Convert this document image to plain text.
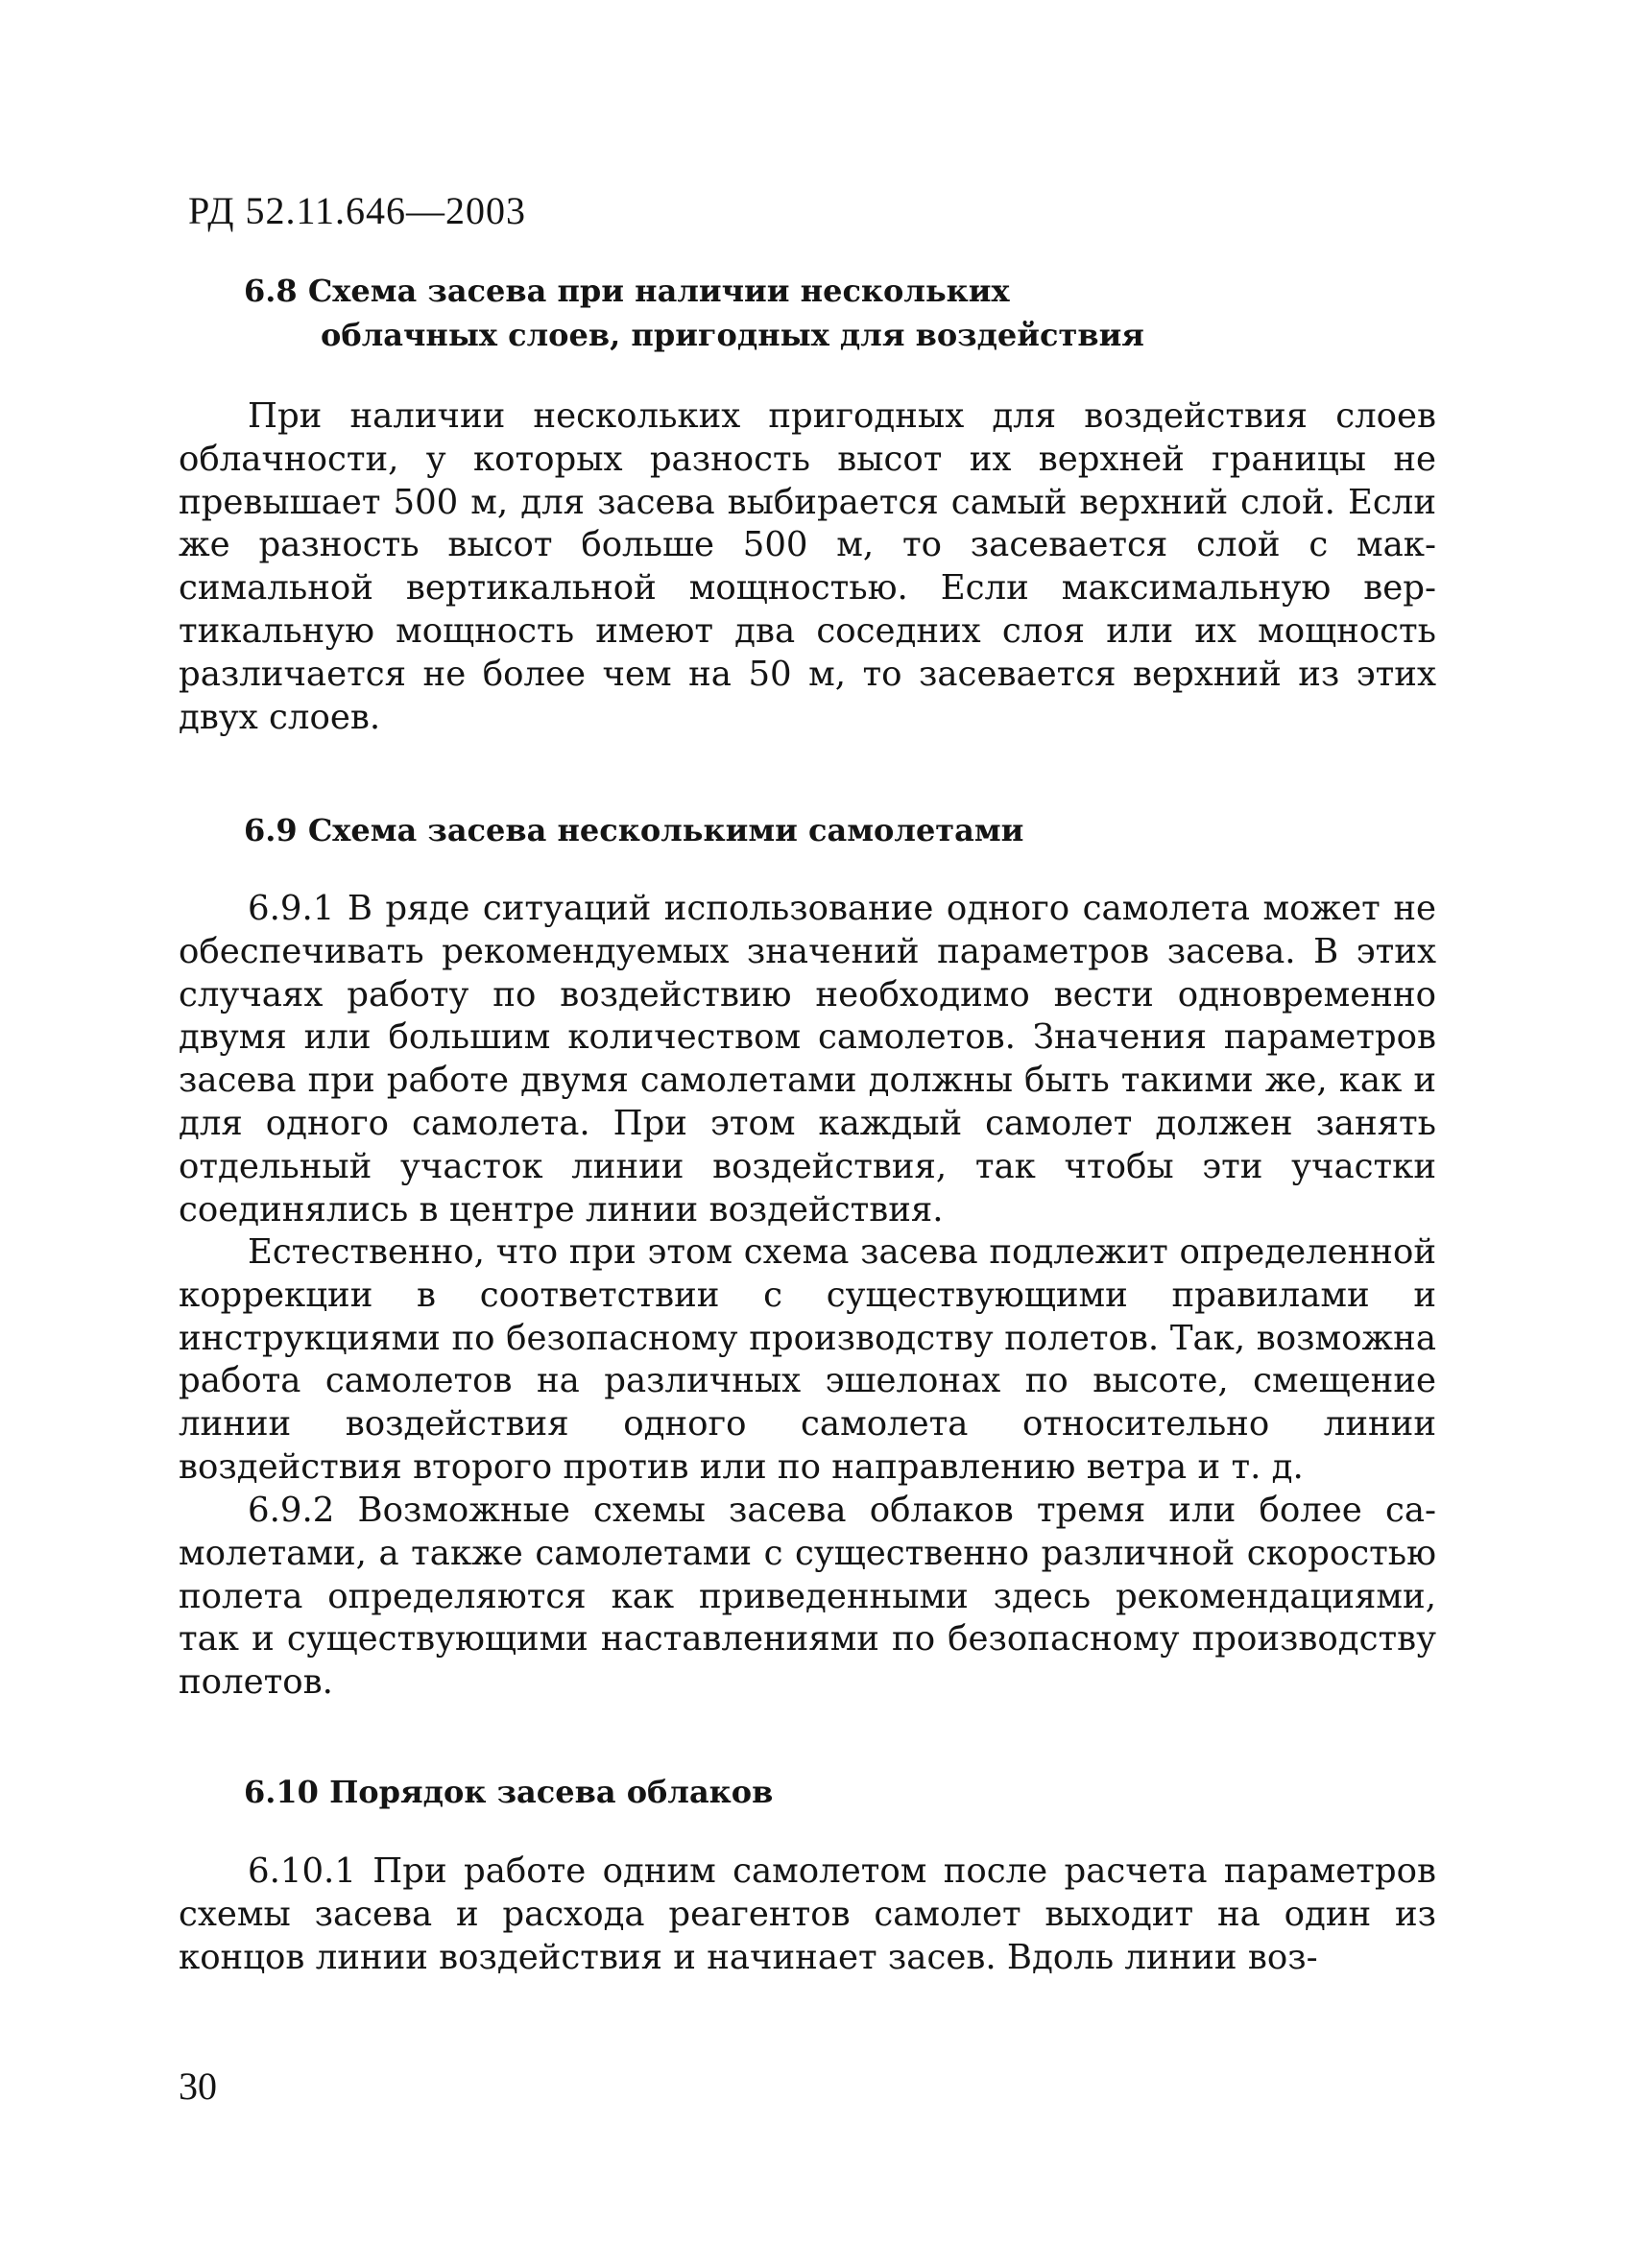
РД 52.11.646—2003
6.8 Схема засева при наличии нескольких
облачных слоев, пригодных для воздействия

При наличии нескольких пригодных для воздействия слоев облачности, у которых разность высот их верхней границы не превышает 500 м, для засева выбирается самый верхний слой. Если же разность высот больше 500 м, то засевается слой с максимальной вертикальной мощностью. Если максимальную вертикальную мощность имеют два соседних слоя или их мощность различается не более чем на 50 м, то засевается верхний из этих двух слоев.

6.9 Схема засева несколькими самолетами

6.9.1 В ряде ситуаций использование одного самолета может не обеспечивать рекомендуемых значений параметров засева. В этих случаях работу по воздействию необходимо вести одновременно двумя или большим количеством самолетов. Значения параметров засева при работе двумя самолетами должны быть такими же, как и для одного самолета. При этом каждый самолет должен занять отдельный участок линии воздействия, так чтобы эти участки соединялись в центре линии воздействия.

Естественно, что при этом схема засева подлежит определенной коррекции в соответствии с существующими правилами и инструкциями по безопасному производству полетов. Так, возможна работа самолетов на различных эшелонах по высоте, смещение линии воздействия одного самолета относительно линии воздействия второго против или по направлению ветра и т. д.

6.9.2 Возможные схемы засева облаков тремя или более самолетами, а также самолетами с существенно различной скоростью полета определяются как приведенными здесь рекомендациями, так и существующими наставлениями по безопасному производству полетов.

6.10 Порядок засева облаков

6.10.1 При работе одним самолетом после расчета параметров схемы засева и расхода реагентов самолет выходит на один из концов линии воздействия и начинает засев. Вдоль линии воз-

30
